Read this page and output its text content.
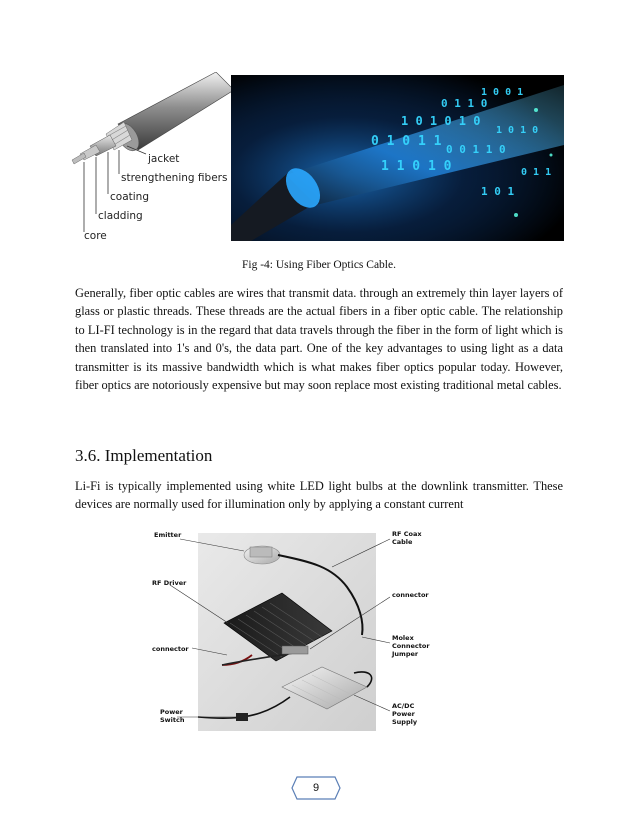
jacket
strengthening fibers
coating
cladding
core
0 1 0 1 1
1 0 1 0 1 0
0 1 1 0
1 0 0 1
1 1 0 1 0
0 0 1 1 0
1 0 1 0
0 1 1
1 0 1
Fig -4: Using Fiber Optics Cable.

Generally, fiber optic cables are wires that transmit data. through an extremely thin layer layers of glass or plastic threads. These threads are the actual fibers in a fiber optic cable. The relationship to LI-FI technology is in the regard that data travels through the fiber in the form of light which is then translated into 1's and 0's, the data part. One of the key advantages to using light as a data transmitter is its massive bandwidth which is what makes fiber optics popular today. However, fiber optics are notoriously expensive but may soon replace most existing traditional metal cables.

3.6. Implementation

Li-Fi is typically implemented using white LED light bulbs at the downlink transmitter. These devices are normally used for illumination only by applying a constant current

Emitter
RF Driver
connector
Power
Switch
RF Coax
Cable
connector
Molex
Connector
Jumper
AC/DC
Power
Supply
9
